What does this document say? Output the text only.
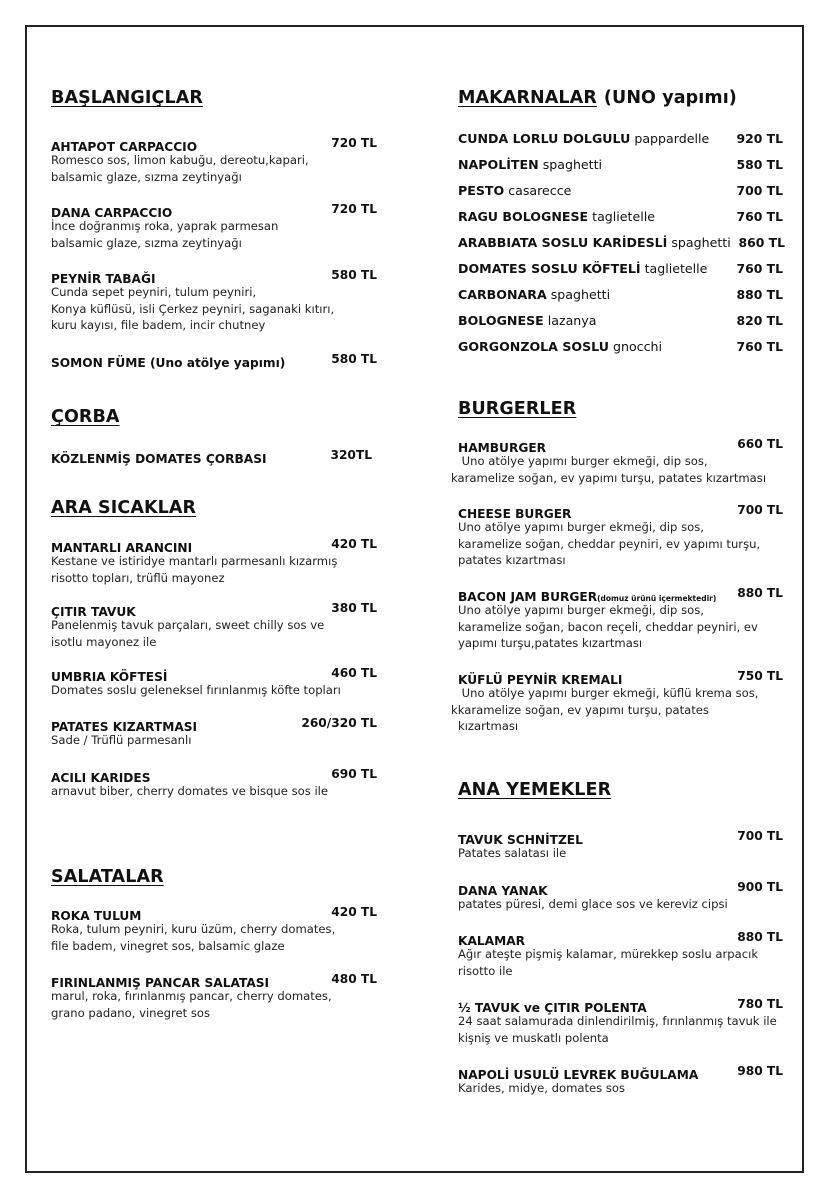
BAŞLANGIÇLAR
AHTAPOT CARPACCIO	720 TL
Romesco sos, limon kabuğu, dereotu,kapari,
balsamic glaze, sızma zeytinyağı
DANA CARPACCIO	720 TL
İnce doğranmış roka, yaprak parmesan
balsamic glaze, sızma zeytinyağı
PEYNİR TABAĞI	580 TL
Cunda sepet peyniri, tulum peyniri,
Konya küflüsü, isli Çerkez peyniri, saganaki kıtırı,
kuru kayısı, file badem, incir chutney
SOMON FÜME (Uno atölye yapımı)	580 TL
ÇORBA
KÖZLENMİŞ DOMATES ÇORBASI	320TL
ARA SICAKLAR
MANTARLI ARANCINI	420 TL
Kestane ve istiridye mantarlı parmesanlı kızarmış
risotto topları, trüflü mayonez
ÇITIR TAVUK	380 TL
Panelenmiş tavuk parçaları, sweet chilly sos ve
isotlu mayonez ile
UMBRIA KÖFTESİ	460 TL
Domates soslu geleneksel fırınlanmış köfte topları
PATATES KIZARTMASI	260/320 TL
Sade / Trüflü parmesanlı
ACILI KARIDES	690 TL
arnavut biber, cherry domates ve bisque sos ile
SALATALAR
ROKA TULUM	420 TL
Roka, tulum peyniri, kuru üzüm, cherry domates,
file badem, vinegret sos, balsamic glaze
FIRINLANMIŞ PANCAR SALATASI	480 TL
marul, roka, fırınlanmış pancar, cherry domates,
grano padano, vinegret sos
MAKARNALAR (UNO yapımı)
CUNDA LORLU DOLGULU pappardelle 920 TL
NAPOLİTEN spaghetti	580 TL
PESTO casarecce	700 TL
RAGU BOLOGNESE taglietelle	760 TL
ARABBIATA SOSLU KARİDESLİ spaghetti 860 TL
DOMATES SOSLU KÖFTELİ taglietelle 760 TL
CARBONARA spaghetti	880 TL
BOLOGNESE lazanya	820 TL
GORGONZOLA SOSLU gnocchi	760 TL
BURGERLER
HAMBURGER	660 TL
Uno atölye yapımı burger ekmeği, dip sos,
karamelize soğan, ev yapımı turşu, patates kızartması
CHEESE BURGER	700 TL
Uno atölye yapımı burger ekmeği, dip sos,
karamelize soğan, cheddar peyniri, ev yapımı turşu,
patates kızartması
BACON JAM BURGER(domuz ürünü içermektedir) 880 TL
Uno atölye yapımı burger ekmeği, dip sos,
karamelize soğan, bacon reçeli, cheddar peyniri, ev
yapımı turşu,patates kızartması
KÜFLÜ PEYNİR KREMALI	750 TL
Uno atölye yapımı burger ekmeği, küflü krema sos,
kkaramelize soğan, ev yapımı turşu, patates
kızartması
ANA YEMEKLER
TAVUK SCHNİTZEL	700 TL
Patates salatası ile
DANA YANAK	900 TL
patates püresi, demi glace sos ve kereviz cipsi
KALAMAR	880 TL
Ağır ateşte pişmiş kalamar, mürekkep soslu arpacık
risotto ile
½ TAVUK ve ÇITIR POLENTA	780 TL
24 saat salamurada dinlendirilmiş, fırınlanmış tavuk ile
kişniş ve muskatlı polenta
NAPOLİ USULÜ LEVREK BUĞULAMA	980 TL
Karides, midye, domates sos
